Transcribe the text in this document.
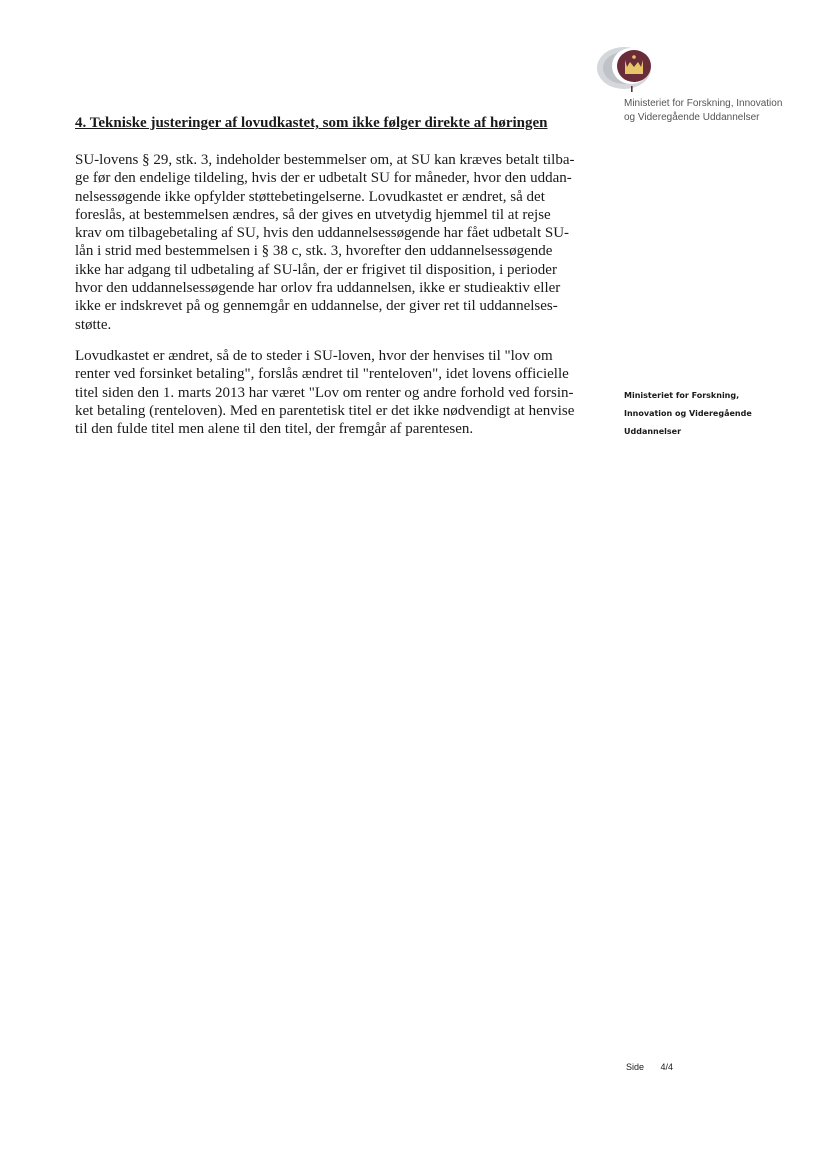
Ministeriet for Forskning, Innovation
og Videregående Uddannelser
4. Tekniske justeringer af lovudkastet, som ikke følger direkte af høringen

SU-lovens § 29, stk. 3, indeholder bestemmelser om, at SU kan kræves betalt tilba-
ge før den endelige tildeling, hvis der er udbetalt SU for måneder, hvor den uddan-
nelsessøgende ikke opfylder støttebetingelserne. Lovudkastet er ændret, så det
foreslås, at bestemmelsen ændres, så der gives en utvetydig hjemmel til at rejse
krav om tilbagebetaling af SU, hvis den uddannelsessøgende har fået udbetalt SU-
lån i strid med bestemmelsen i § 38 c, stk. 3, hvorefter den uddannelsessøgende
ikke har adgang til udbetaling af SU-lån, der er frigivet til disposition, i perioder
hvor den uddannelsessøgende har orlov fra uddannelsen, ikke er studieaktiv eller
ikke er indskrevet på og gennemgår en uddannelse, der giver ret til uddannelses-
støtte.

Lovudkastet er ændret, så de to steder i SU-loven, hvor der henvises til "lov om
renter ved forsinket betaling", forslås ændret til "renteloven", idet lovens officielle
titel siden den 1. marts 2013 har været "Lov om renter og andre forhold ved forsin-
ket betaling (renteloven). Med en parentetisk titel er det ikke nødvendigt at henvise
til den fulde titel men alene til den titel, der fremgår af parentesen.

Ministeriet for Forskning,
Innovation og Videregående
Uddannelser
Side 4/4
